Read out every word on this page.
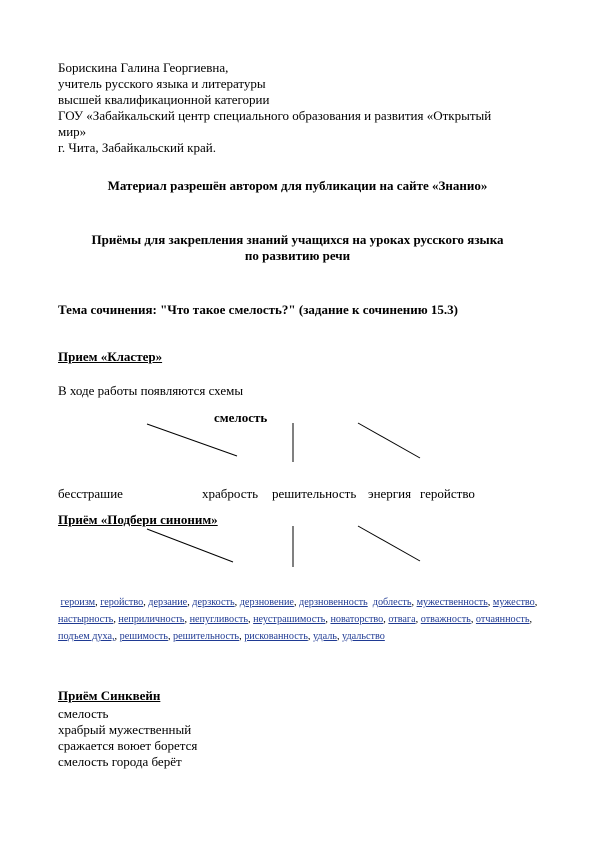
Борискина Галина Георгиевна,
учитель русского языка и литературы
высшей квалификационной категории
ГОУ «Забайкальский центр специального образования и развития «Открытый
мир»
г. Чита, Забайкальский край.
Материал разрешён автором для публикации на сайте «Знанио»
Приёмы для закрепления знаний учащихся на уроках русского языка
по развитию речи
Тема сочинения: "Что такое смелость?" (задание к сочинению 15.3)
Прием «Кластер»
В ходе работы появляются схемы
смелость
бесстрашие	храбрость решительность энергия геройство
Приём «Подбери синоним»
героизм, геройство, дерзание, дерзкость, дерзновение, дерзновенность доблесть, мужественность, мужество, настырность, неприличность, непугливость, неустрашимость, новаторство, отвага, отважность, отчаянность, подъем духа,, решимость, решительность, рискованность, удаль, удальство
Приём Синквейн
смелость
храбрый мужественный
сражается воюет борется
смелость города берёт
